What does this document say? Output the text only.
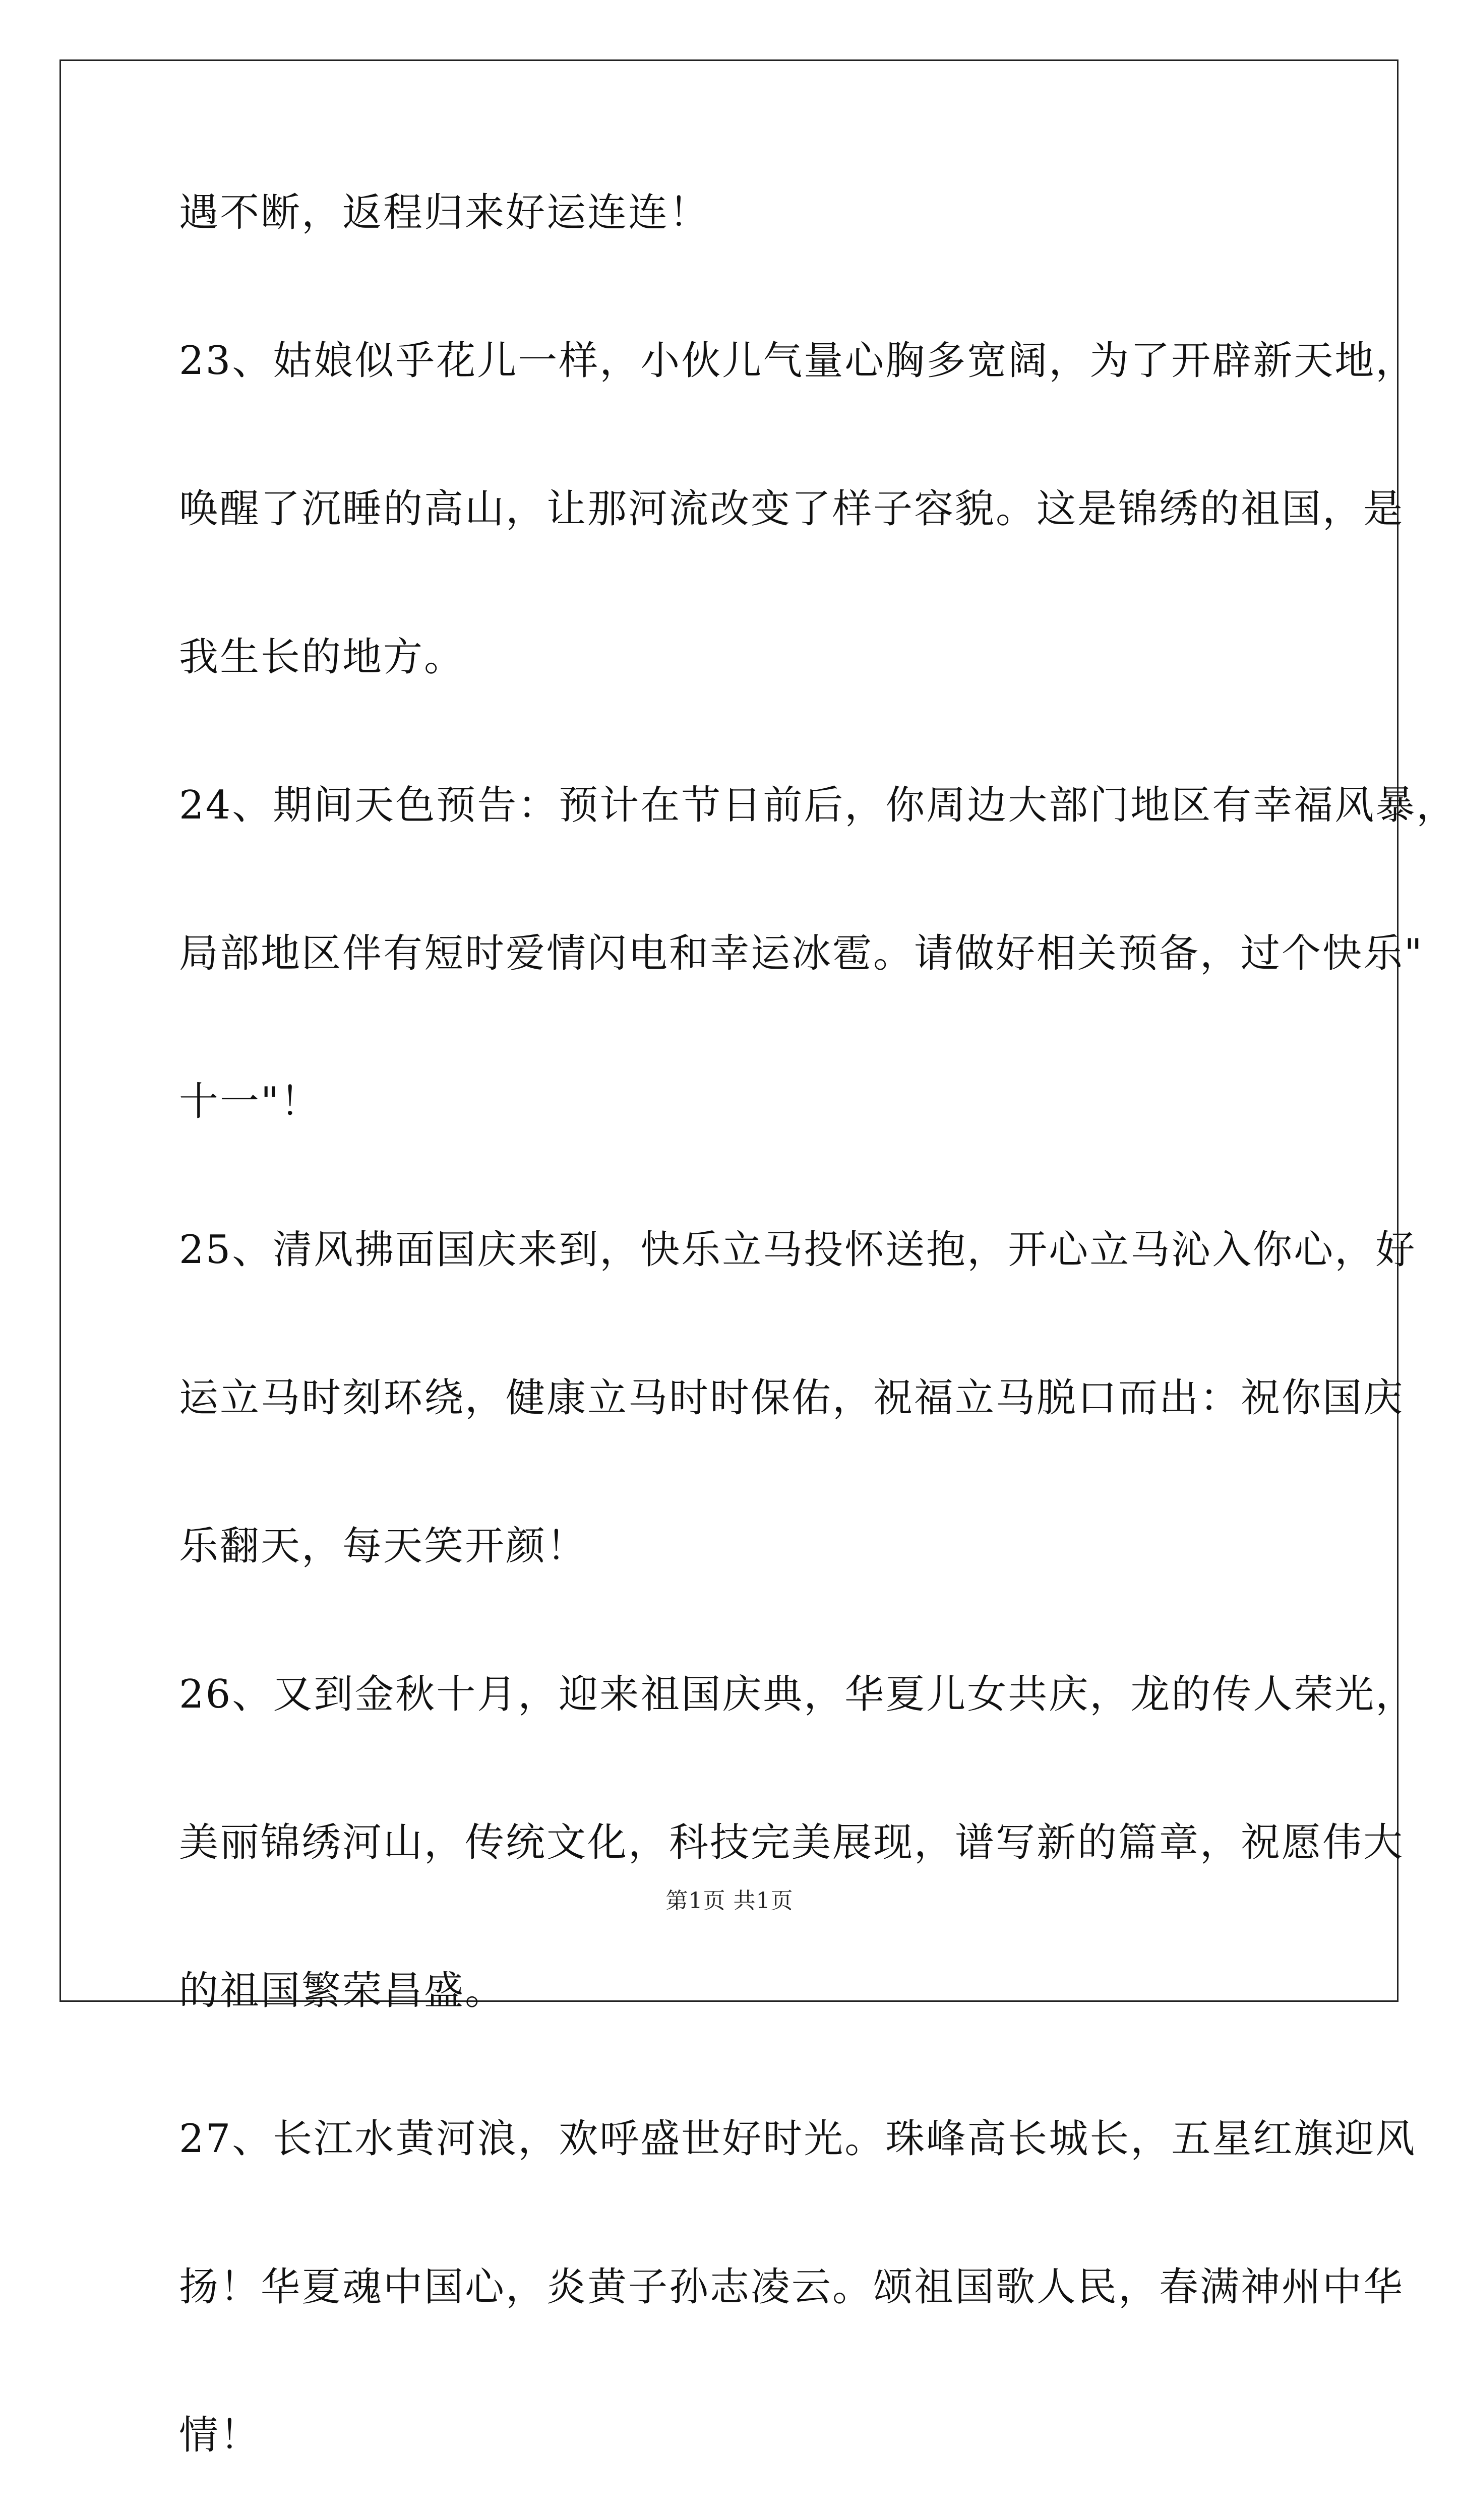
遇不断，返程归来好运连连！
23、姑娘似乎花儿一样，小伙儿气量心胸多宽阔，为了开辟新天地，
唤醒了沉睡的高山，让那河流改变了样子容貌。这是锦绣的祖国，是
我生长的地方。
24、期间天色预告：预计在节日前后，你周边大部门地区有幸福风暴，
局部地区伴有短时爱情闪电和幸运冰雹。请做好相关预备，过个快乐"
十一"！
25、清风拂面国庆来到，快乐立马投怀送抱，开心立马沁入你心，好
运立马时刻环绕，健康立马时时保佑，祝福立马脱口而出：祝你国庆
乐翻天，每天笑开颜！
26、又到金秋十月，迎来祖国庆典，华夏儿女共庆，龙的传人荣光，
美丽锦绣河山，传统文化，科技完美展现，谱写新的篇章，祝愿伟大
的祖国繁荣昌盛。
27、长江水黄河浪，欢呼盛世好时光。珠峰高长城长，五星红旗迎风
扬！华夏魂中国心，炎黄子孙志凌云。颂祖国歌人民，春满神州中华
情！
第1页 共1页
